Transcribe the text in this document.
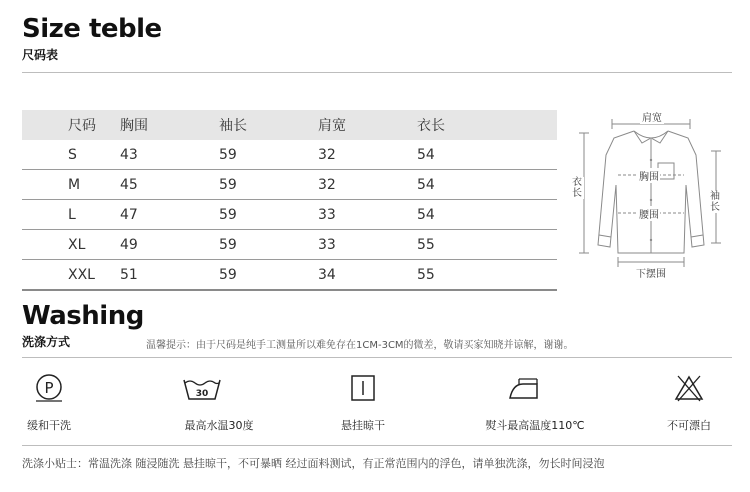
Size teble
尺码表
尺码	胸围	袖长	肩宽	衣长
S	43	59	32	54
M	45	59	32	54
L	47	59	33	54
XL	49	59	33	55
XXL	51	59	34	55
肩宽
胸围
腰围
下摆围
衣长	袖长
Washing
洗涤方式	温馨提示：由于尺码是纯手工测量所以难免存在1CM-3CM的微差，敬请买家知晓并谅解，谢谢。
P
缓和干洗
30
最高水温30度	悬挂晾干	熨斗最高温度110℃	不可漂白
洗涤小贴士：常温洗涤 随浸随洗 悬挂晾干，不可暴晒 经过面料测试，有正常范围内的浮色，请单独洗涤，勿长时间浸泡
